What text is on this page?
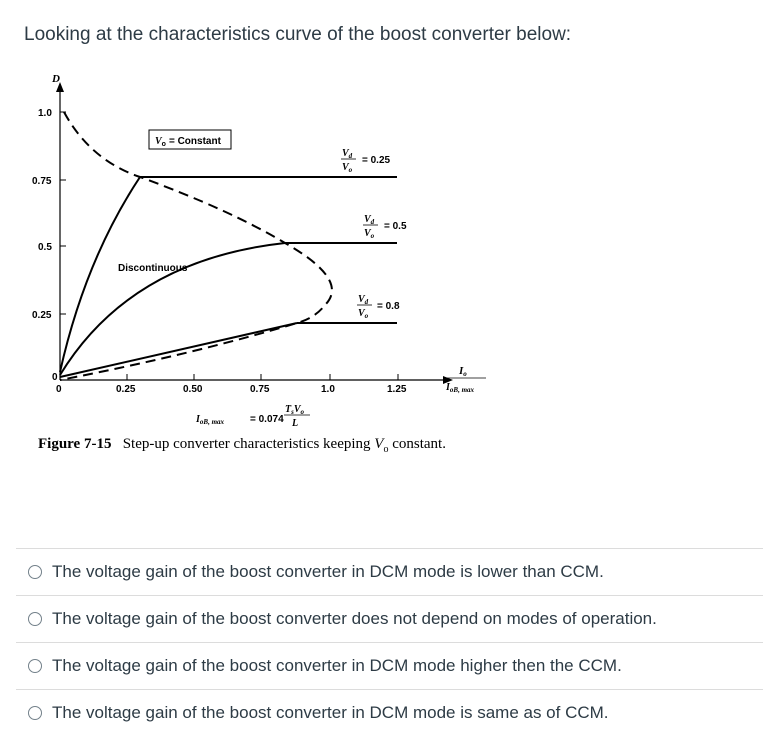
Looking at the characteristics curve of the boost converter below:
D
1.0
0.75
0.5
0.25
0
0	0.25	0.50	0.75	1.0	1.25
Io
$I_{oB, max}$
$V_o$ = Constant
Discontinuous
$V_d$
$V_o$
= 0.25
$V_d$
$V_o$
= 0.5
$V_d$
$V_o$
= 0.8
$I_{oB, max}$	= 0.074
$T_sV_o$
L
Figure 7-15 Step-up converter characteristics keeping $V_o$ constant.
The voltage gain of the boost converter in DCM mode is lower than CCM.
The voltage gain of the boost converter does not depend on modes of operation.
The voltage gain of the boost converter in DCM mode higher then the CCM.
The voltage gain of the boost converter in DCM mode is same as of CCM.
